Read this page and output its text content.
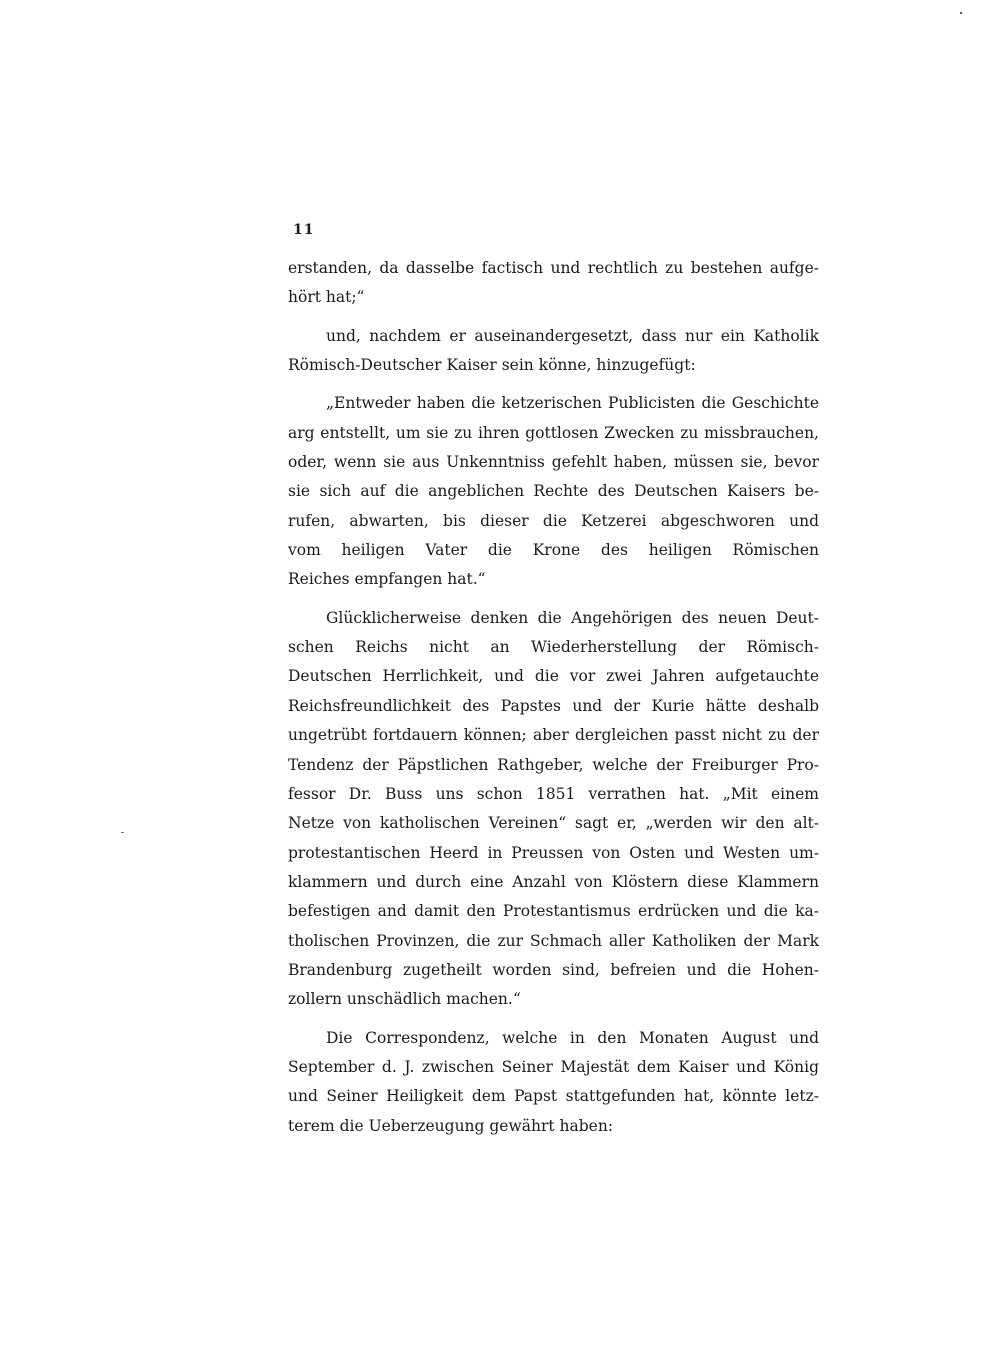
11
erstanden, da dasselbe factisch und rechtlich zu bestehen aufge-
hört hat;“
und, nachdem er auseinandergesetzt, dass nur ein Katholik
Römisch-Deutscher Kaiser sein könne, hinzugefügt:
„Entweder haben die ketzerischen Publicisten die Geschichte
arg entstellt, um sie zu ihren gottlosen Zwecken zu missbrauchen,
oder, wenn sie aus Unkenntniss gefehlt haben, müssen sie, bevor
sie sich auf die angeblichen Rechte des Deutschen Kaisers be-
rufen, abwarten, bis dieser die Ketzerei abgeschworen und
vom heiligen Vater die Krone des heiligen Römischen
Reiches empfangen hat.“
Glücklicherweise denken die Angehörigen des neuen Deut-
schen Reichs nicht an Wiederherstellung der Römisch-
Deutschen Herrlichkeit, und die vor zwei Jahren aufgetauchte
Reichsfreundlichkeit des Papstes und der Kurie hätte deshalb
ungetrübt fortdauern können; aber dergleichen passt nicht zu der
Tendenz der Päpstlichen Rathgeber, welche der Freiburger Pro-
fessor Dr. Buss uns schon 1851 verrathen hat. „Mit einem
Netze von katholischen Vereinen“ sagt er, „werden wir den alt-
protestantischen Heerd in Preussen von Osten und Westen um-
klammern und durch eine Anzahl von Klöstern diese Klammern
befestigen and damit den Protestantismus erdrücken und die ka-
tholischen Provinzen, die zur Schmach aller Katholiken der Mark
Brandenburg zugetheilt worden sind, befreien und die Hohen-
zollern unschädlich machen.“
Die Correspondenz, welche in den Monaten August und
September d. J. zwischen Seiner Majestät dem Kaiser und König
und Seiner Heiligkeit dem Papst stattgefunden hat, könnte letz-
terem die Ueberzeugung gewährt haben:
